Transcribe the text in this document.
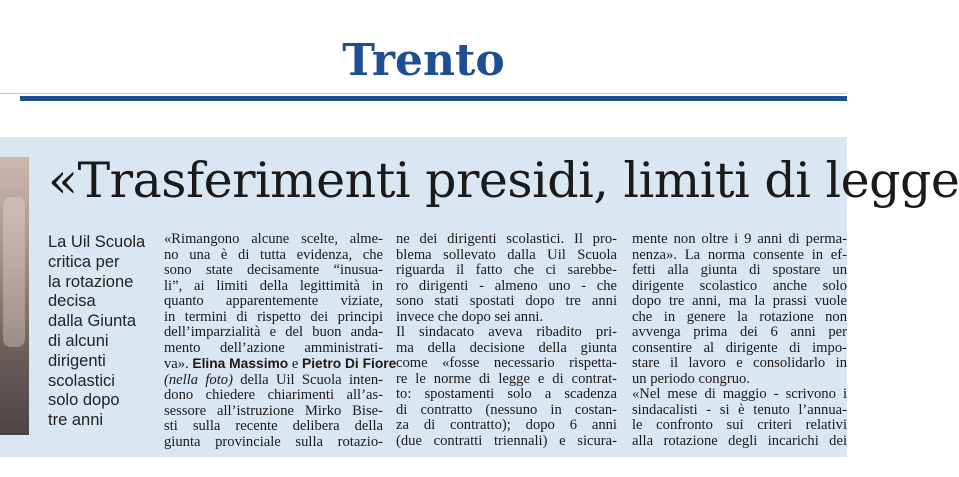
Trento
«Trasferimenti presidi, limiti di legge
La Uil Scuola
critica per
la rotazione
decisa
dalla Giunta
di alcuni
dirigenti
scolastici
solo dopo
tre anni
«Rimangono alcune scelte, alme-
no una è di tutta evidenza, che
sono state decisamente “inusua-
li”, ai limiti della legittimità in
quanto apparentemente viziate,
in termini di rispetto dei principi
dell’imparzialità e del buon anda-
mento dell’azione amministrati-
va». Elina Massimo e Pietro Di Fiore
(nella foto) della Uil Scuola inten-
dono chiedere chiarimenti all’as-
sessore all’istruzione Mirko Bise-
sti sulla recente delibera della
giunta provinciale sulla rotazio-
ne dei dirigenti scolastici. Il pro-
blema sollevato dalla Uil Scuola
riguarda il fatto che ci sarebbe-
ro dirigenti - almeno uno - che
sono stati spostati dopo tre anni
invece che dopo sei anni.
Il sindacato aveva ribadito pri-
ma della decisione della giunta
come «fosse necessario rispetta-
re le norme di legge e di contrat-
to: spostamenti solo a scadenza
di contratto (nessuno in costan-
za di contratto); dopo 6 anni
(due contratti triennali) e sicura-
mente non oltre i 9 anni di perma-
nenza». La norma consente in ef-
fetti alla giunta di spostare un
dirigente scolastico anche solo
dopo tre anni, ma la prassi vuole
che in genere la rotazione non
avvenga prima dei 6 anni per
consentire al dirigente di impo-
stare il lavoro e consolidarlo in
un periodo congruo.
«Nel mese di maggio - scrivono i
sindacalisti - si è tenuto l’annua-
le confronto sui criteri relativi
alla rotazione degli incarichi dei
